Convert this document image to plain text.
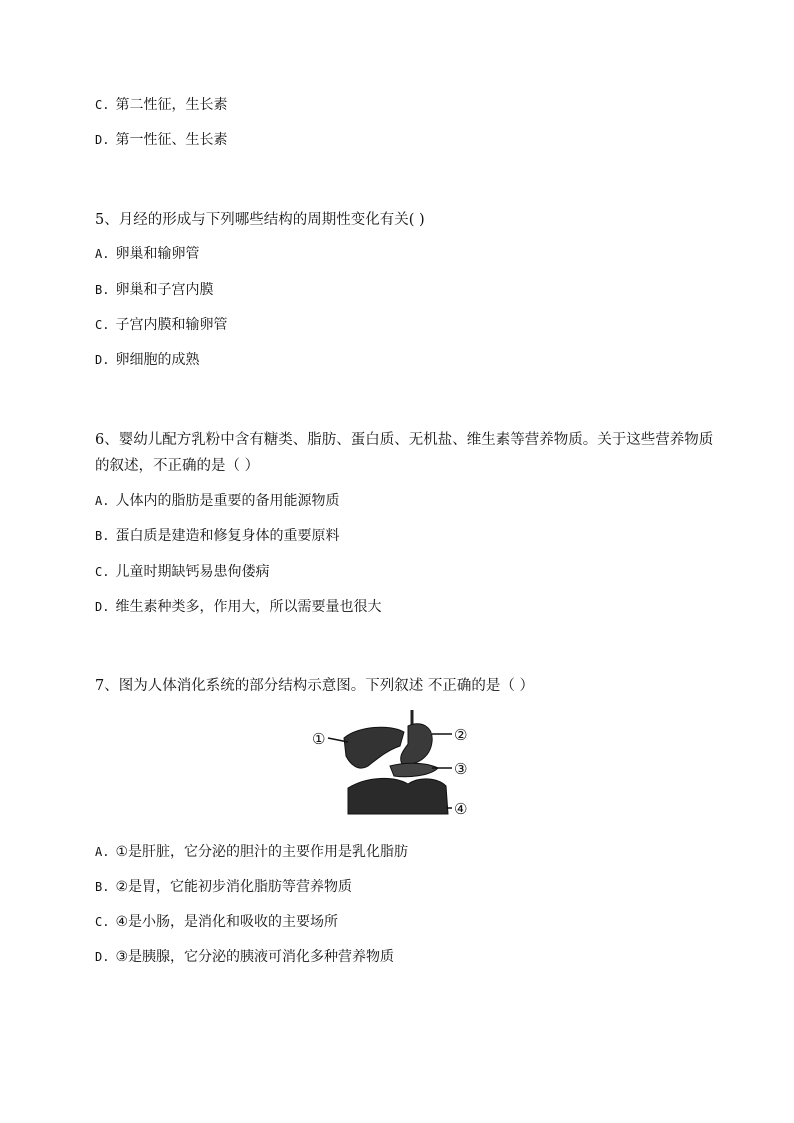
C. 第二性征，生长素
D. 第一性征、生长素
5、月经的形成与下列哪些结构的周期性变化有关( )
A. 卵巢和输卵管
B. 卵巢和子宫内膜
C. 子宫内膜和输卵管
D. 卵细胞的成熟
6、婴幼儿配方乳粉中含有糖类、脂肪、蛋白质、无机盐、维生素等营养物质。关于这些营养物质
的叙述，不正确的是（ ）
A. 人体内的脂肪是重要的备用能源物质
B. 蛋白质是建造和修复身体的重要原料
C. 儿童时期缺钙易患佝偻病
D. 维生素种类多，作用大，所以需要量也很大
7、图为人体消化系统的部分结构示意图。下列叙述 不正确的是（ ）
①	②
③
④
A. ①是肝脏，它分泌的胆汁的主要作用是乳化脂肪
B. ②是胃，它能初步消化脂肪等营养物质
C. ④是小肠，是消化和吸收的主要场所
D. ③是胰腺，它分泌的胰液可消化多种营养物质
